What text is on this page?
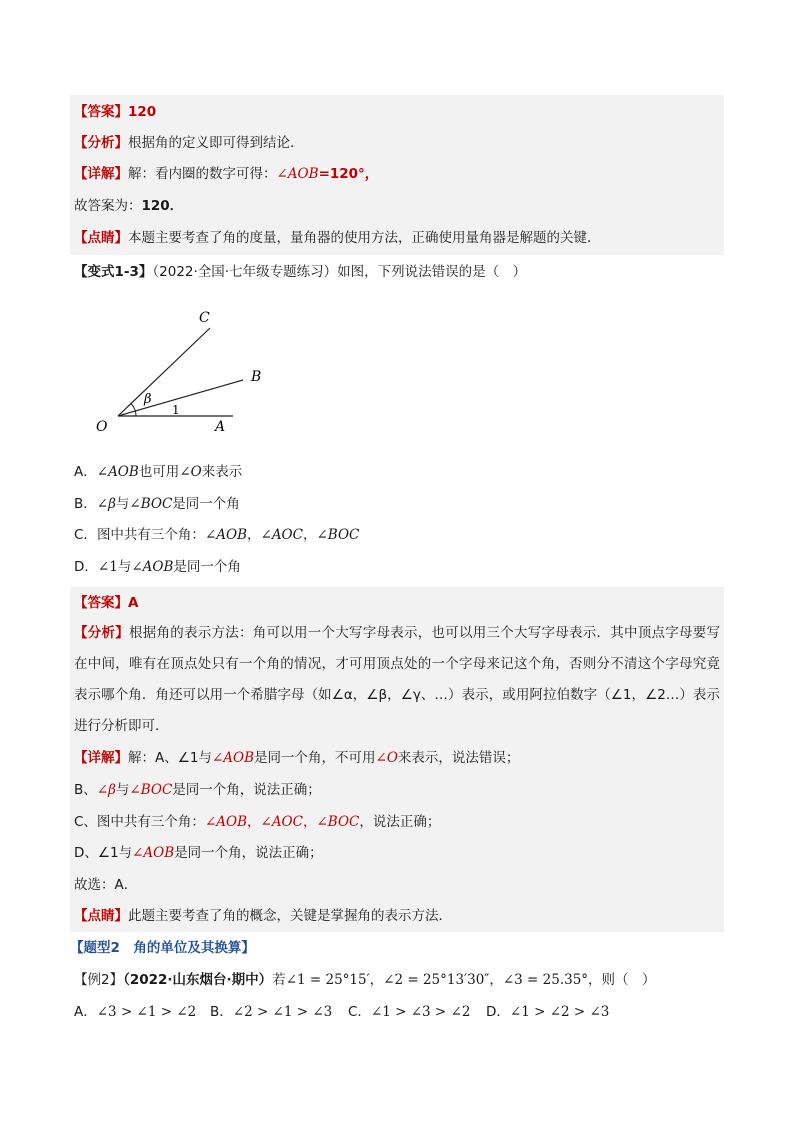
【答案】120
【分析】根据角的定义即可得到结论．
【详解】解：看内圈的数字可得：∠AOB=120°，
故答案为：120．
【点睛】本题主要考查了角的度量，量角器的使用方法，正确使用量角器是解题的关键．
【变式1-3】（2022·全国·七年级专题练习）如图，下列说法错误的是（　）
C
B
O	A
β
1
A．∠AOB也可用∠O来表示
B．∠β与∠BOC是同一个角
C．图中共有三个角：∠AOB，∠AOC，∠BOC
D．∠1与∠AOB是同一个角
【答案】A
【分析】根据角的表示方法：角可以用一个大写字母表示，也可以用三个大写字母表示．其中顶点字母要写在中间，唯有在顶点处只有一个角的情况，才可用顶点处的一个字母来记这个角，否则分不清这个字母究竟表示哪个角．角还可以用一个希腊字母（如∠α，∠β，∠γ、…）表示，或用阿拉伯数字（∠1，∠2…）表示进行分析即可．
【详解】解：A、∠1与∠AOB是同一个角，不可用∠O来表示，说法错误；
B、∠β与∠BOC是同一个角，说法正确；
C、图中共有三个角：∠AOB，∠AOC，∠BOC，说法正确；
D、∠1与∠AOB是同一个角，说法正确；
故选：A．
【点睛】此题主要考查了角的概念，关键是掌握角的表示方法．
【题型2　角的单位及其换算】
【例2】（2022·山东烟台·期中）若∠1 = 25°15′，∠2 = 25°13′30″，∠3 = 25.35°，则（　）
A．∠3 > ∠1 > ∠2 B．∠2 > ∠1 > ∠3 C．∠1 > ∠3 > ∠2 D．∠1 > ∠2 > ∠3
